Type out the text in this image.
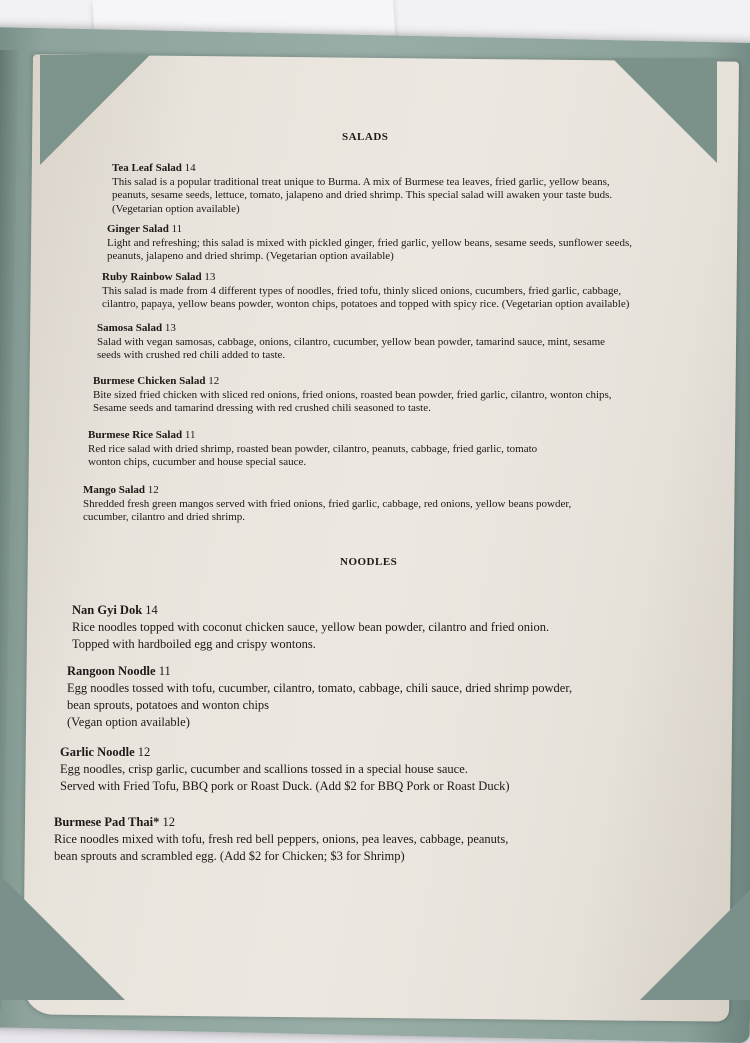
SALADS
Tea Leaf Salad 14
This salad is a popular traditional treat unique to Burma. A mix of Burmese tea leaves, fried garlic, yellow beans,
peanuts, sesame seeds, lettuce, tomato, jalapeno and dried shrimp. This special salad will awaken your taste buds.
(Vegetarian option available)
Ginger Salad 11
Light and refreshing; this salad is mixed with pickled ginger, fried garlic, yellow beans, sesame seeds, sunflower seeds,
peanuts, jalapeno and dried shrimp. (Vegetarian option available)
Ruby Rainbow Salad 13
This salad is made from 4 different types of noodles, fried tofu, thinly sliced onions, cucumbers, fried garlic, cabbage,
cilantro, papaya, yellow beans powder, wonton chips, potatoes and topped with spicy rice. (Vegetarian option available)
Samosa Salad 13
Salad with vegan samosas, cabbage, onions, cilantro, cucumber, yellow bean powder, tamarind sauce, mint, sesame
seeds with crushed red chili added to taste.
Burmese Chicken Salad 12
Bite sized fried chicken with sliced red onions, fried onions, roasted bean powder, fried garlic, cilantro, wonton chips,
Sesame seeds and tamarind dressing with red crushed chili seasoned to taste.
Burmese Rice Salad 11
Red rice salad with dried shrimp, roasted bean powder, cilantro, peanuts, cabbage, fried garlic, tomato
wonton chips, cucumber and house special sauce.
Mango Salad 12
Shredded fresh green mangos served with fried onions, fried garlic, cabbage, red onions, yellow beans powder,
cucumber, cilantro and dried shrimp.
NOODLES
Nan Gyi Dok 14
Rice noodles topped with coconut chicken sauce, yellow bean powder, cilantro and fried onion.
Topped with hardboiled egg and crispy wontons.
Rangoon Noodle 11
Egg noodles tossed with tofu, cucumber, cilantro, tomato, cabbage, chili sauce, dried shrimp powder,
bean sprouts, potatoes and wonton chips
(Vegan option available)
Garlic Noodle 12
Egg noodles, crisp garlic, cucumber and scallions tossed in a special house sauce.
Served with Fried Tofu, BBQ pork or Roast Duck. (Add $2 for BBQ Pork or Roast Duck)
Burmese Pad Thai* 12
Rice noodles mixed with tofu, fresh red bell peppers, onions, pea leaves, cabbage, peanuts,
bean sprouts and scrambled egg. (Add $2 for Chicken; $3 for Shrimp)
